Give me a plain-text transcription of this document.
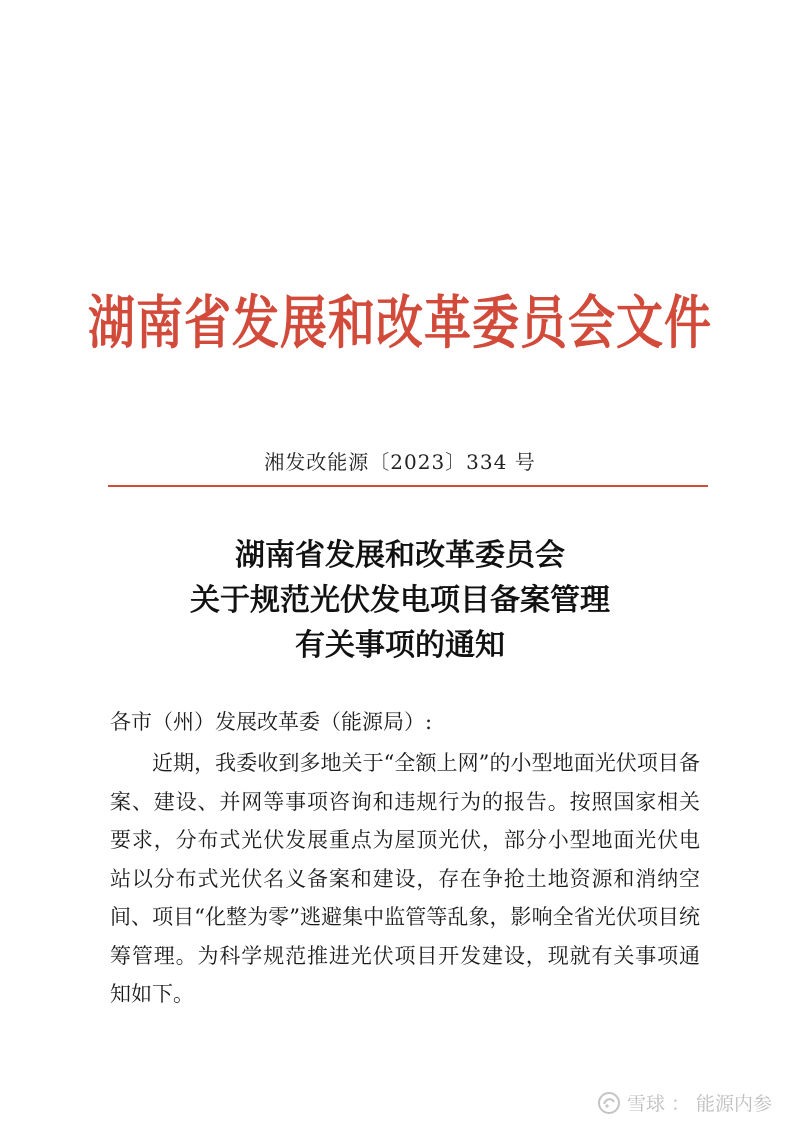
湖南省发展和改革委员会文件
湘发改能源〔2023〕334 号
湖南省发展和改革委员会
关于规范光伏发电项目备案管理
有关事项的通知
各市（州）发展改革委（能源局）:
近期，我委收到多地关于“全额上网”的小型地面光伏项目备
案、建设、并网等事项咨询和违规行为的报告。按照国家相关
要求，分布式光伏发展重点为屋顶光伏，部分小型地面光伏电
站以分布式光伏名义备案和建设，存在争抢土地资源和消纳空
间、项目“化整为零”逃避集中监管等乱象，影响全省光伏项目统
筹管理。为科学规范推进光伏项目开发建设，现就有关事项通
知如下。
雪球 ： 能源内参
